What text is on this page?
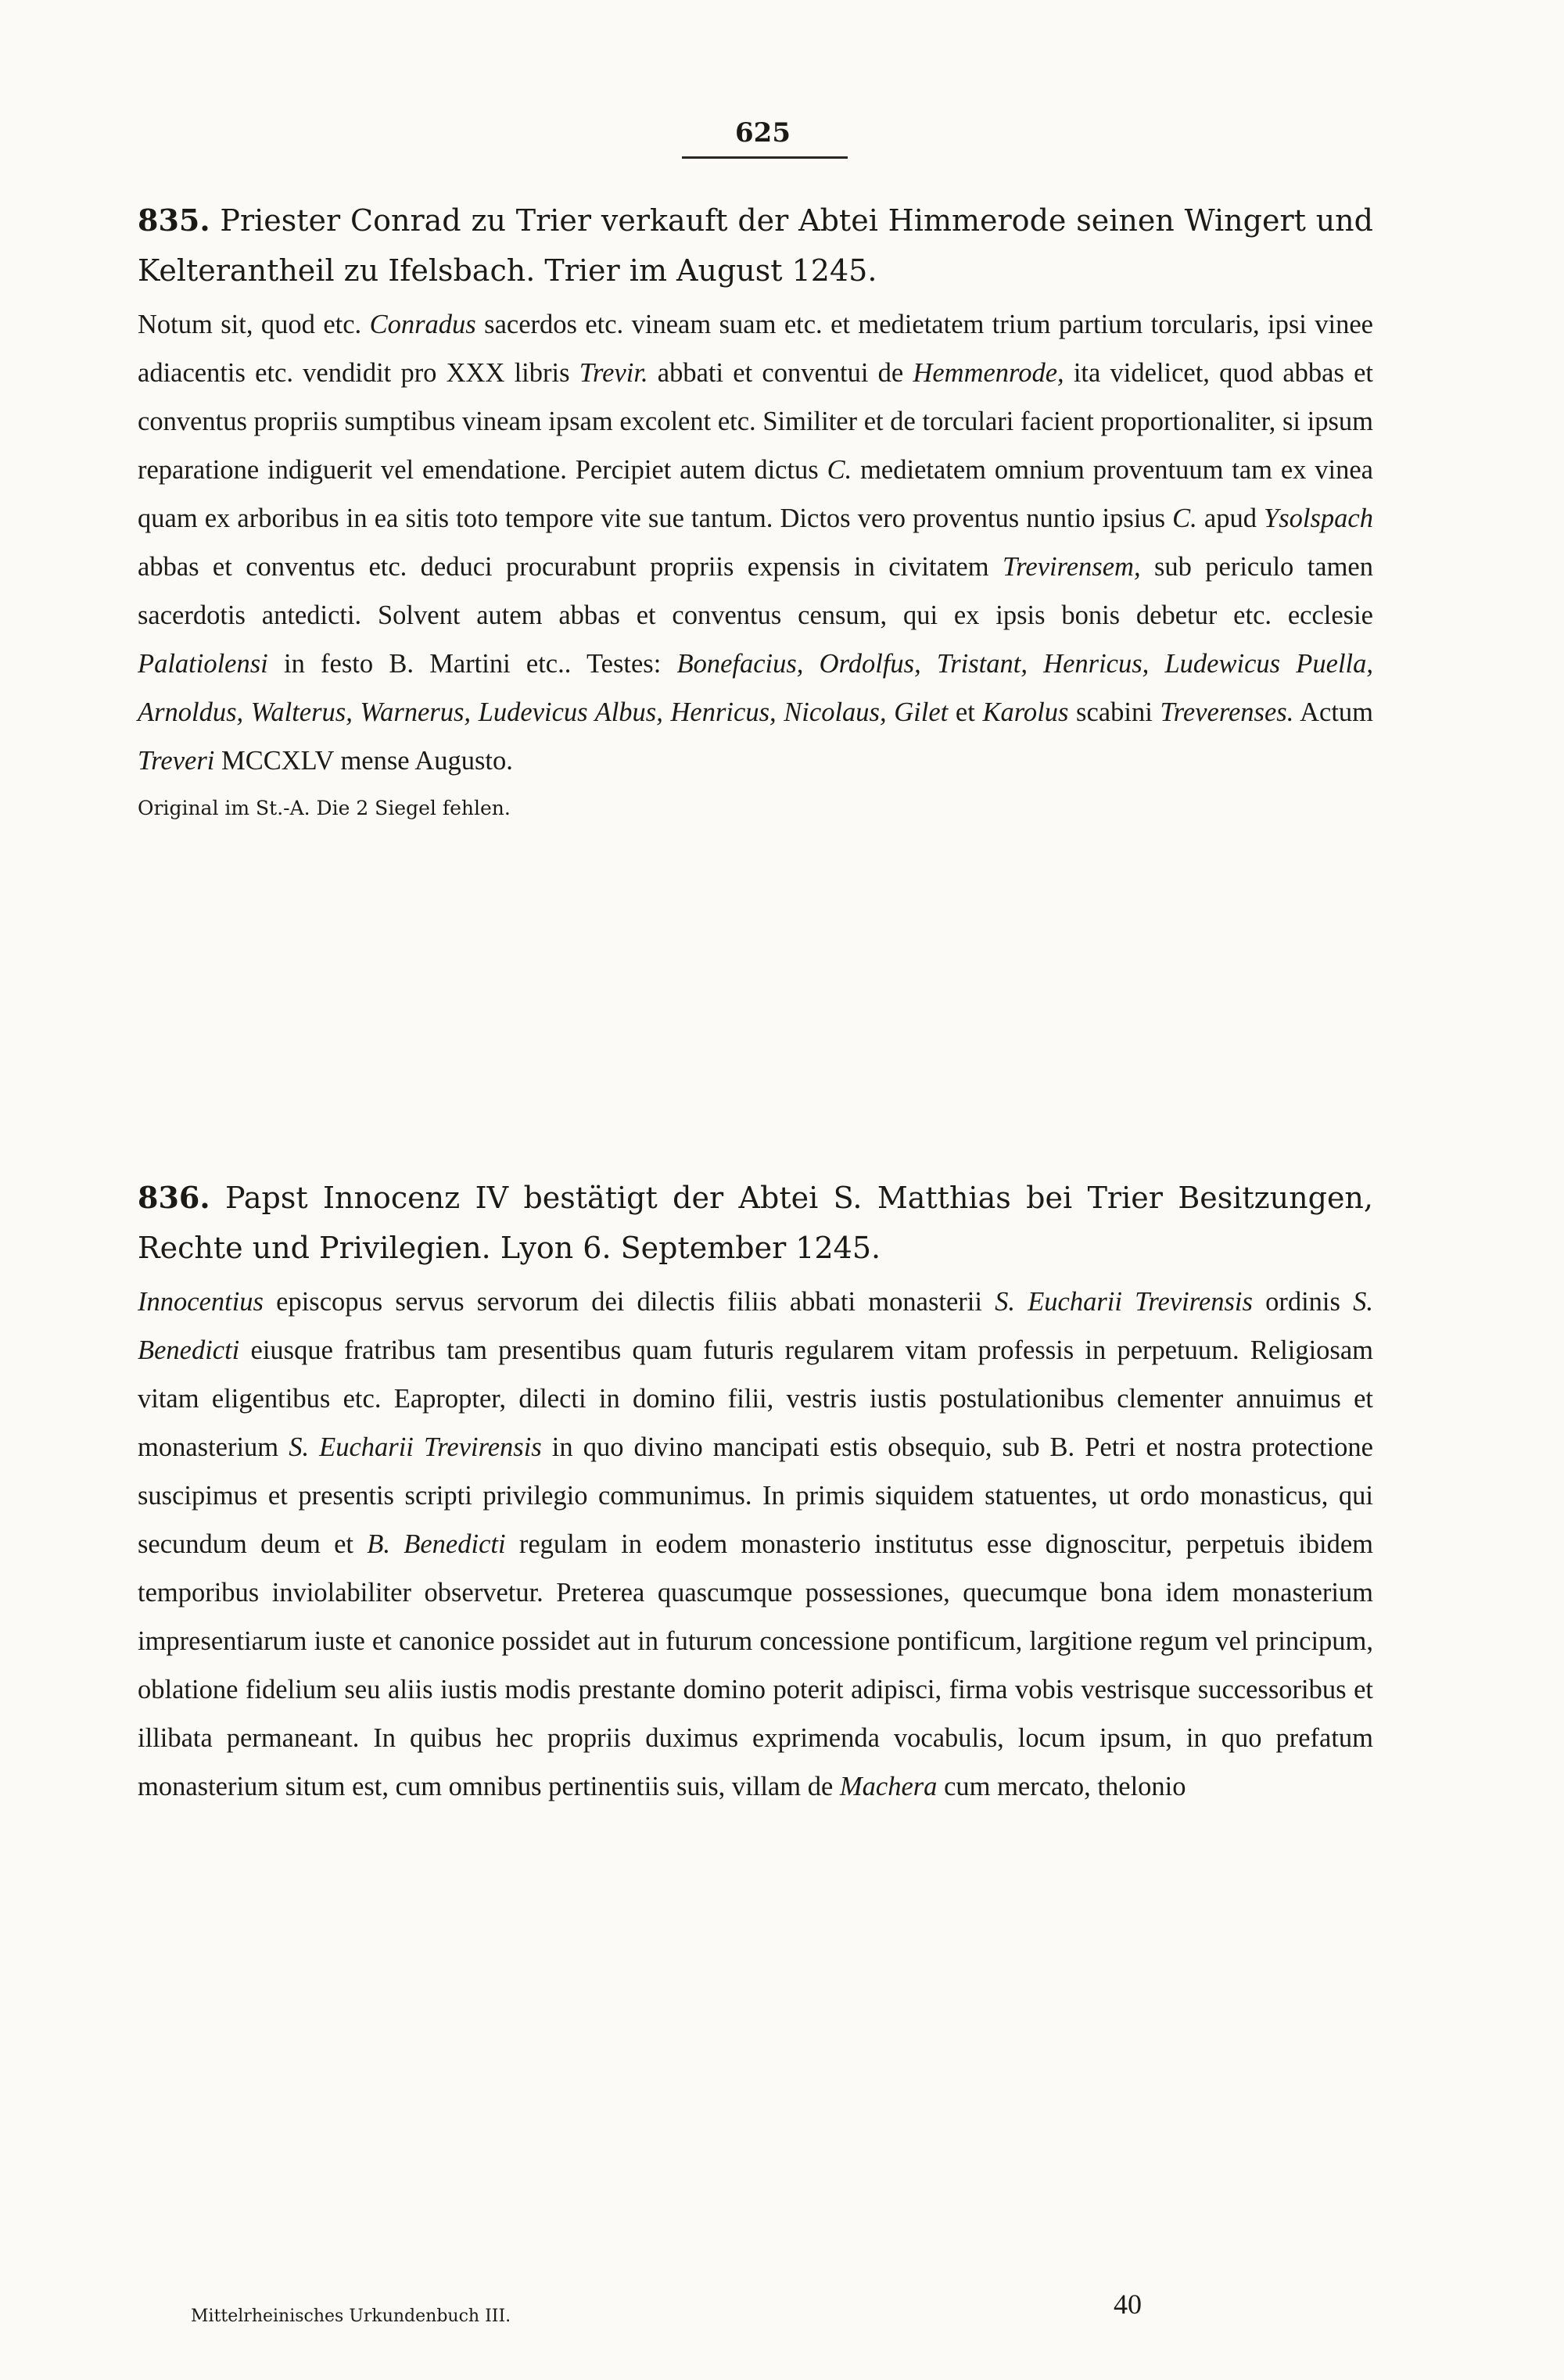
625

835. Priester Conrad zu Trier verkauft der Abtei Himmerode seinen Wingert und Kelterantheil zu Ifelsbach. Trier im August 1245.

Notum sit, quod etc. Conradus sacerdos etc. vineam suam etc. et medietatem trium partium torcularis, ipsi vinee adiacentis etc. vendidit pro XXX libris Trevir. abbati et conventui de Hemmenrode, ita videlicet, quod abbas et conventus propriis sumptibus vineam ipsam excolent etc. Similiter et de torculari facient proportionaliter, si ipsum reparatione indiguerit vel emendatione. Percipiet autem dictus C. medietatem omnium proventuum tam ex vinea quam ex arboribus in ea sitis toto tempore vite sue tantum. Dictos vero proventus nuntio ipsius C. apud Ysolspach abbas et conventus etc. deduci procurabunt propriis expensis in civitatem Trevirensem, sub periculo tamen sacerdotis antedicti. Solvent autem abbas et conventus censum, qui ex ipsis bonis debetur etc. ecclesie Palatiolensi in festo B. Martini etc.. Testes: Bonefacius, Ordolfus, Tristant, Henricus, Ludewicus Puella, Arnoldus, Walterus, Warnerus, Ludevicus Albus, Henricus, Nicolaus, Gilet et Karolus scabini Treverenses. Actum Treveri MCCXLV mense Augusto.

Original im St.-A. Die 2 Siegel fehlen.

836. Papst Innocenz IV bestätigt der Abtei S. Matthias bei Trier Besitzungen, Rechte und Privilegien. Lyon 6. September 1245.

Innocentius episcopus servus servorum dei dilectis filiis abbati monasterii S. Eucharii Trevirensis ordinis S. Benedicti eiusque fratribus tam presentibus quam futuris regularem vitam professis in perpetuum. Religiosam vitam eligentibus etc. Eapropter, dilecti in domino filii, vestris iustis postulationibus clementer annuimus et monasterium S. Eucharii Trevirensis in quo divino mancipati estis obsequio, sub B. Petri et nostra protectione suscipimus et presentis scripti privilegio communimus. In primis siquidem statuentes, ut ordo monasticus, qui secundum deum et B. Benedicti regulam in eodem monasterio institutus esse dignoscitur, perpetuis ibidem temporibus inviolabiliter observetur. Preterea quascumque possessiones, quecumque bona idem monasterium impresentiarum iuste et canonice possidet aut in futurum concessione pontificum, largitione regum vel principum, oblatione fidelium seu aliis iustis modis prestante domino poterit adipisci, firma vobis vestrisque successoribus et illibata permaneant. In quibus hec propriis duximus exprimenda vocabulis, locum ipsum, in quo prefatum monasterium situm est, cum omnibus pertinentiis suis, villam de Machera cum mercato, thelonio

Mittelrheinisches Urkundenbuch III.	40
